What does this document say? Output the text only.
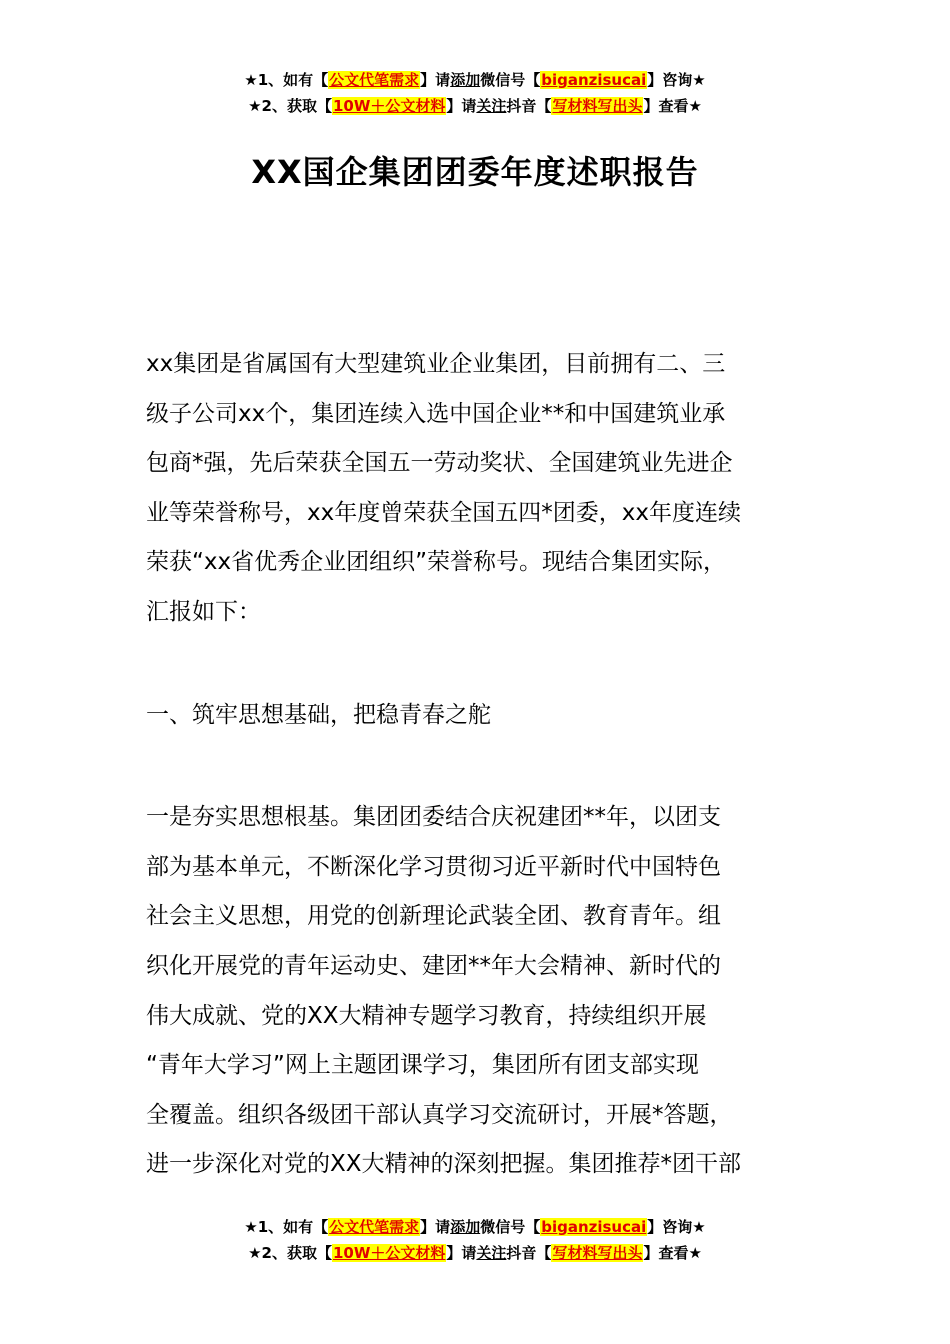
★1、如有【公文代笔需求】请添加微信号【biganzisucai】咨询★
★2、获取【10W＋公文材料】请关注抖音【写材料写出头】查看★
XX国企集团团委年度述职报告

xx集团是省属国有大型建筑业企业集团，目前拥有二、三
级子公司xx个，集团连续入选中国企业**和中国建筑业承
包商*强，先后荣获全国五一劳动奖状、全国建筑业先进企
业等荣誉称号，xx年度曾荣获全国五四*团委，xx年度连续
荣获“xx省优秀企业团组织”荣誉称号。现结合集团实际，
汇报如下：

一、筑牢思想基础，把稳青春之舵

一是夯实思想根基。集团团委结合庆祝建团**年，以团支
部为基本单元，不断深化学习贯彻习近平新时代中国特色
社会主义思想，用党的创新理论武装全团、教育青年。组
织化开展党的青年运动史、建团**年大会精神、新时代的
伟大成就、党的XX大精神专题学习教育，持续组织开展
“青年大学习”网上主题团课学习，集团所有团支部实现
全覆盖。组织各级团干部认真学习交流研讨，开展*答题，
进一步深化对党的XX大精神的深刻把握。集团推荐*团干部

★1、如有【公文代笔需求】请添加微信号【biganzisucai】咨询★
★2、获取【10W＋公文材料】请关注抖音【写材料写出头】查看★
